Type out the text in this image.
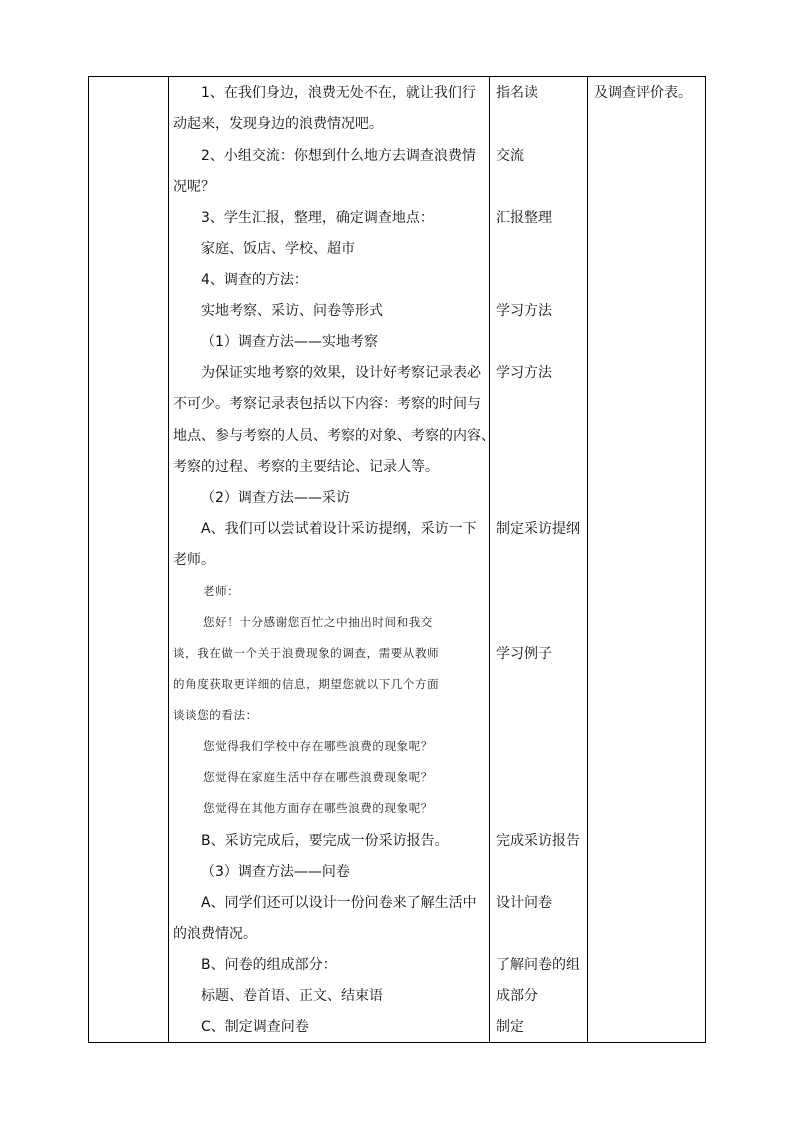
1、在我们身边，浪费无处不在，就让我们行
动起来，发现身边的浪费情况吧。
2、小组交流：你想到什么地方去调查浪费情
况呢？
3、学生汇报，整理，确定调查地点：
家庭、饭店、学校、超市
4、调查的方法：
实地考察、采访、问卷等形式
（1）调查方法——实地考察
为保证实地考察的效果，设计好考察记录表必
不可少。考察记录表包括以下内容：考察的时间与
地点、参与考察的人员、考察的对象、考察的内容、
考察的过程、考察的主要结论、记录人等。
（2）调查方法——采访
A、我们可以尝试着设计采访提纲，采访一下
老师。
老师：
您好！十分感谢您百忙之中抽出时间和我交
谈，我在做一个关于浪费现象的调查，需要从教师
的角度获取更详细的信息，期望您就以下几个方面
谈谈您的看法：
您觉得我们学校中存在哪些浪费的现象呢？
您觉得在家庭生活中存在哪些浪费现象呢？
您觉得在其他方面存在哪些浪费的现象呢？
B、采访完成后，要完成一份采访报告。
（3）调查方法——问卷
A、同学们还可以设计一份问卷来了解生活中
的浪费情况。
B、问卷的组成部分：
标题、卷首语、正文、结束语
C、制定调查问卷
指名读
交流
汇报整理
学习方法
学习方法
制定采访提纲
学习例子
完成采访报告
设计问卷
了解问卷的组
成部分
制定
及调查评价表。
